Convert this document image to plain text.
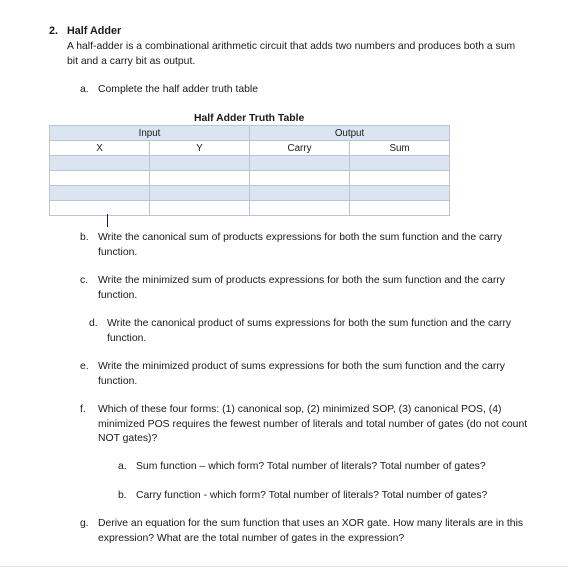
2. Half Adder
A half-adder is a combinational arithmetic circuit that adds two numbers and produces both a sum
bit and a carry bit as output.
a. Complete the half adder truth table
Half Adder Truth Table
Input		Output	
X	Y	Carry	Sum

b. Write the canonical sum of products expressions for both the sum function and the carry
function.
c. Write the minimized sum of products expressions for both the sum function and the carry
function.
d. Write the canonical product of sums expressions for both the sum function and the carry
function.
e. Write the minimized product of sums expressions for both the sum function and the carry
function.
f. Which of these four forms: (1) canonical sop, (2) minimized SOP, (3) canonical POS, (4)
minimized POS requires the fewest number of literals and total number of gates (do not count
NOT gates)?
a. Sum function – which form? Total number of literals? Total number of gates?
b. Carry function - which form? Total number of literals? Total number of gates?
g. Derive an equation for the sum function that uses an XOR gate. How many literals are in this
expression? What are the total number of gates in the expression?
